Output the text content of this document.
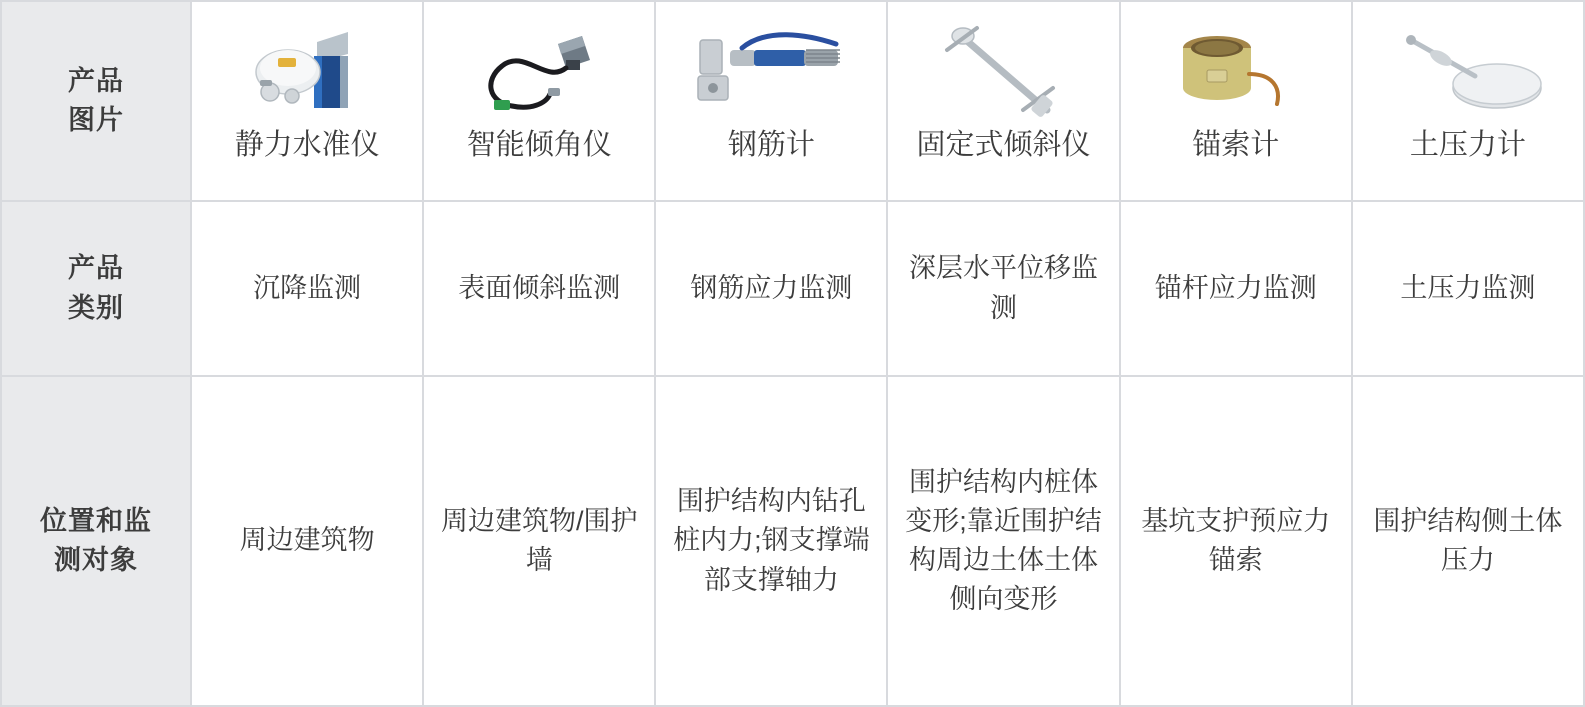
产品
图片	静力水准仪	智能倾角仪	钢筋计	固定式倾斜仪	锚索计	土压力计

产品
类别	沉降监测	表面倾斜监测	钢筋应力监测	深层水平位移监测	锚杆应力监测	土压力监测

位置和监
测对象	周边建筑物	周边建筑物/围护墙	围护结构内钻孔桩内力;钢支撑端部支撑轴力	围护结构内桩体变形;靠近围护结构周边土体土体侧向变形	基坑支护预应力锚索	围护结构侧土体压力
